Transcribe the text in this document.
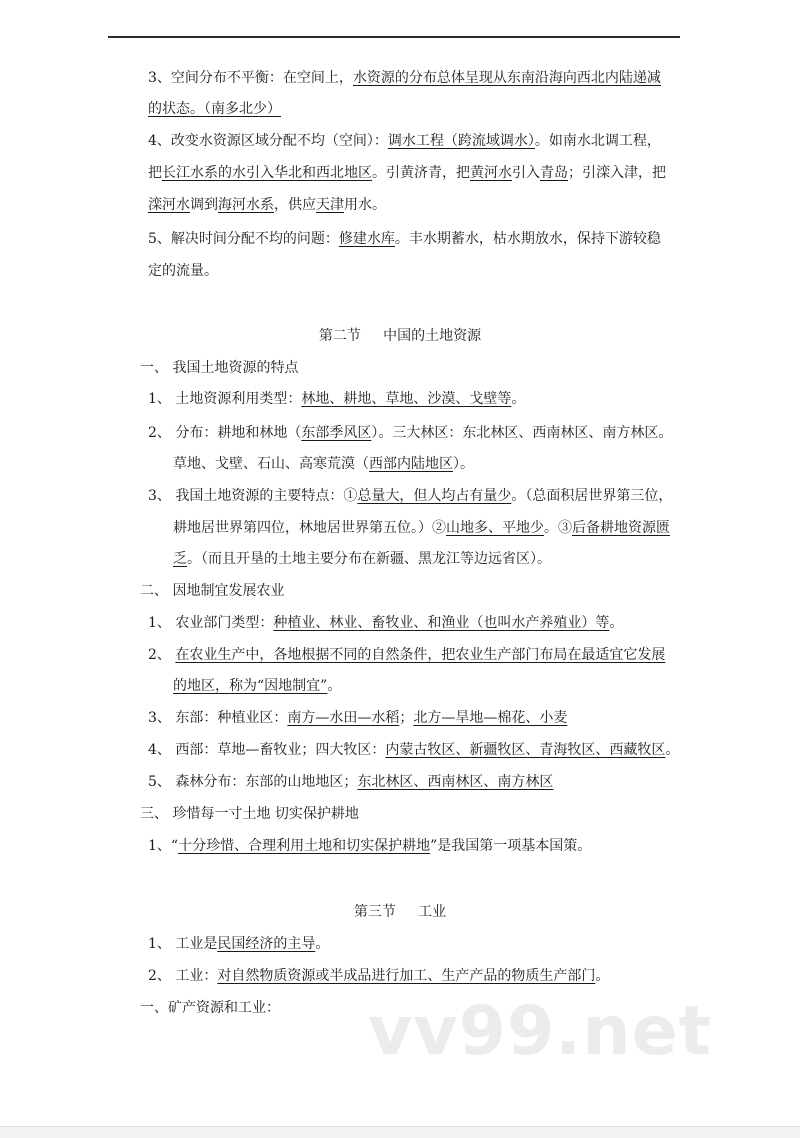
3、空间分布不平衡：在空间上，水资源的分布总体呈现从东南沿海向西北内陆递减
的状态。（南多北少）
4、改变水资源区域分配不均（空间）：调水工程（跨流域调水）。如南水北调工程，
把长江水系的水引入华北和西北地区。引黄济青，把黄河水引入青岛；引滦入津，把
滦河水调到海河水系，供应天津用水。
5、解决时间分配不均的问题：修建水库。丰水期蓄水，枯水期放水，保持下游较稳
定的流量。
一、 我国土地资源的特点
1、 土地资源利用类型：林地、耕地、草地、沙漠、戈壁等。
2、 分布：耕地和林地（东部季风区）。三大林区：东北林区、西南林区、南方林区。
草地、戈壁、石山、高寒荒漠（西部内陆地区）。
3、 我国土地资源的主要特点：①总量大，但人均占有量少。（总面积居世界第三位，
耕地居世界第四位，林地居世界第五位。）②山地多、平地少。③后备耕地资源匮
乏。（而且开垦的土地主要分布在新疆、黑龙江等边远省区）。
二、 因地制宜发展农业
1、 农业部门类型：种植业、林业、畜牧业、和渔业（也叫水产养殖业）等。
2、 在农业生产中，各地根据不同的自然条件，把农业生产部门布局在最适宜它发展
的地区，称为“因地制宜”。
3、 东部：种植业区：南方—水田—水稻；北方—旱地—棉花、小麦
4、 西部：草地—畜牧业；四大牧区：内蒙古牧区、新疆牧区、青海牧区、西藏牧区。
5、 森林分布：东部的山地地区；东北林区、西南林区、南方林区
三、 珍惜每一寸土地 切实保护耕地
1、“十分珍惜、合理利用土地和切实保护耕地”是我国第一项基本国策。
1、 工业是民国经济的主导。
2、 工业：对自然物质资源或半成品进行加工、生产产品的物质生产部门。
一、矿产资源和工业：
第二节     中国的土地资源
第三节     工业
vv99.net
